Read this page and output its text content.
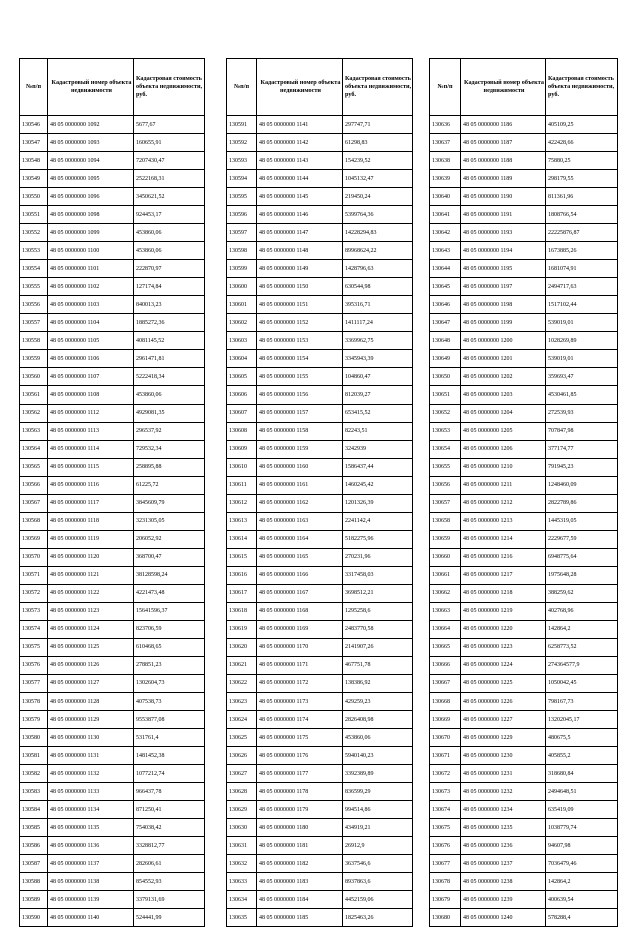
№п/п	Кадастровый номер объекта недвижимости	Кадастровая стоимость объекта недвижимости, руб.
130546	48 05 0000000 1092	5677,67
130547	48 05 0000000 1093	160655,91
130548	48 05 0000000 1094	7207430,47
130549	48 05 0000000 1095	2522168,31
130550	48 05 0000000 1096	3450621,52
130551	48 05 0000000 1098	924453,17
130552	48 05 0000000 1099	453860,06
130553	48 05 0000000 1100	453860,06
130554	48 05 0000000 1101	222870,97
130555	48 05 0000000 1102	127174,84
130556	48 05 0000000 1103	840013,23
130557	48 05 0000000 1104	1885272,36
130558	48 05 0000000 1105	4081145,52
130559	48 05 0000000 1106	2961471,81
130560	48 05 0000000 1107	5222418,34
130561	48 05 0000000 1108	453860,06
130562	48 05 0000000 1112	4929081,35
130563	48 05 0000000 1113	296537,92
130564	48 05 0000000 1114	729532,34
130565	48 05 0000000 1115	258895,88
130566	48 05 0000000 1116	61225,72
130567	48 05 0000000 1117	3845609,79
130568	48 05 0000000 1118	3231305,05
130569	48 05 0000000 1119	206052,92
130570	48 05 0000000 1120	368700,47
130571	48 05 0000000 1121	38128598,24
130572	48 05 0000000 1122	4221473,48
130573	48 05 0000000 1123	15641596,37
130574	48 05 0000000 1124	823706,59
130575	48 05 0000000 1125	610468,65
130576	48 05 0000000 1126	278851,23
130577	48 05 0000000 1127	1302604,73
130578	48 05 0000000 1128	407538,73
130579	48 05 0000000 1129	9553877,08
130580	48 05 0000000 1130	531761,4
130581	48 05 0000000 1131	1481452,38
130582	48 05 0000000 1132	1077212,74
130583	48 05 0000000 1133	966437,78
130584	48 05 0000000 1134	871250,41
130585	48 05 0000000 1135	754038,42
130586	48 05 0000000 1136	3328812,77
130587	48 05 0000000 1137	282606,61
130588	48 05 0000000 1138	854552,93
130589	48 05 0000000 1139	3379131,69
130590	48 05 0000000 1140	524441,99
№п/п	Кадастровый номер объекта недвижимости	Кадастровая стоимость объекта недвижимости, руб.
130591	48 05 0000000 1141	297747,71
130592	48 05 0000000 1142	61298,83
130593	48 05 0000000 1143	154239,52
130594	48 05 0000000 1144	1045132,47
130595	48 05 0000000 1145	219450,24
130596	48 05 0000000 1146	5399764,36
130597	48 05 0000000 1147	14228294,83
130598	48 05 0000000 1148	89968624,22
130599	48 05 0000000 1149	1428796,63
130600	48 05 0000000 1150	630544,98
130601	48 05 0000000 1151	395316,71
130602	48 05 0000000 1152	1411117,24
130603	48 05 0000000 1153	3369962,75
130604	48 05 0000000 1154	3345943,39
130605	48 05 0000000 1155	104860,47
130606	48 05 0000000 1156	812039,27
130607	48 05 0000000 1157	653415,52
130608	48 05 0000000 1158	82243,51
130609	48 05 0000000 1159	3242939
130610	48 05 0000000 1160	1586437,44
130611	48 05 0000000 1161	1460245,42
130612	48 05 0000000 1162	1201326,39
130613	48 05 0000000 1163	2241142,4
130614	48 05 0000000 1164	5182275,96
130615	48 05 0000000 1165	270231,96
130616	48 05 0000000 1166	3317458,03
130617	48 05 0000000 1167	3698512,21
130618	48 05 0000000 1168	1295258,6
130619	48 05 0000000 1169	2483770,58
130620	48 05 0000000 1170	2141907,26
130621	48 05 0000000 1171	467751,78
130622	48 05 0000000 1172	138386,92
130623	48 05 0000000 1173	429259,23
130624	48 05 0000000 1174	2826408,98
130625	48 05 0000000 1175	453860,06
130626	48 05 0000000 1176	5940140,23
130627	48 05 0000000 1177	3392389,89
130628	48 05 0000000 1178	836599,29
130629	48 05 0000000 1179	994514,86
130630	48 05 0000000 1180	434919,21
130631	48 05 0000000 1181	26912,9
130632	48 05 0000000 1182	3637546,6
130633	48 05 0000000 1183	8937863,6
130634	48 05 0000000 1184	4452159,06
130635	48 05 0000000 1185	1825463,26
№п/п	Кадастровый номер объекта недвижимости	Кадастровая стоимость объекта недвижимости, руб.
130636	48 05 0000000 1186	405109,25
130637	48 05 0000000 1187	422428,66
130638	48 05 0000000 1188	75880,25
130639	48 05 0000000 1189	298179,55
130640	48 05 0000000 1190	811361,96
130641	48 05 0000000 1191	1808766,54
130642	48 05 0000000 1193	22225876,87
130643	48 05 0000000 1194	1673885,26
130644	48 05 0000000 1195	1681074,91
130645	48 05 0000000 1197	2494717,63
130646	48 05 0000000 1198	1517102,44
130647	48 05 0000000 1199	539019,01
130648	48 05 0000000 1200	1028269,89
130649	48 05 0000000 1201	539019,01
130650	48 05 0000000 1202	359693,47
130651	48 05 0000000 1203	4530461,85
130652	48 05 0000000 1204	272539,93
130653	48 05 0000000 1205	707847,98
130654	48 05 0000000 1206	377174,77
130655	48 05 0000000 1210	791945,23
130656	48 05 0000000 1211	1248460,09
130657	48 05 0000000 1212	2822789,86
130658	48 05 0000000 1213	1445319,05
130659	48 05 0000000 1214	2229677,59
130660	48 05 0000000 1216	6948775,64
130661	48 05 0000000 1217	1975648,28
130662	48 05 0000000 1218	388259,62
130663	48 05 0000000 1219	402768,96
130664	48 05 0000000 1220	142864,2
130665	48 05 0000000 1223	6258773,52
130666	48 05 0000000 1224	274364577,9
130667	48 05 0000000 1225	1050042,45
130668	48 05 0000000 1226	798167,73
130669	48 05 0000000 1227	13202045,17
130670	48 05 0000000 1229	480675,5
130671	48 05 0000000 1230	405855,2
130672	48 05 0000000 1231	318680,84
130673	48 05 0000000 1232	2494648,51
130674	48 05 0000000 1234	635419,09
130675	48 05 0000000 1235	1038779,74
130676	48 05 0000000 1236	94607,98
130677	48 05 0000000 1237	7036479,46
130678	48 05 0000000 1238	142864,2
130679	48 05 0000000 1239	400639,54
130680	48 05 0000000 1240	578288,4
